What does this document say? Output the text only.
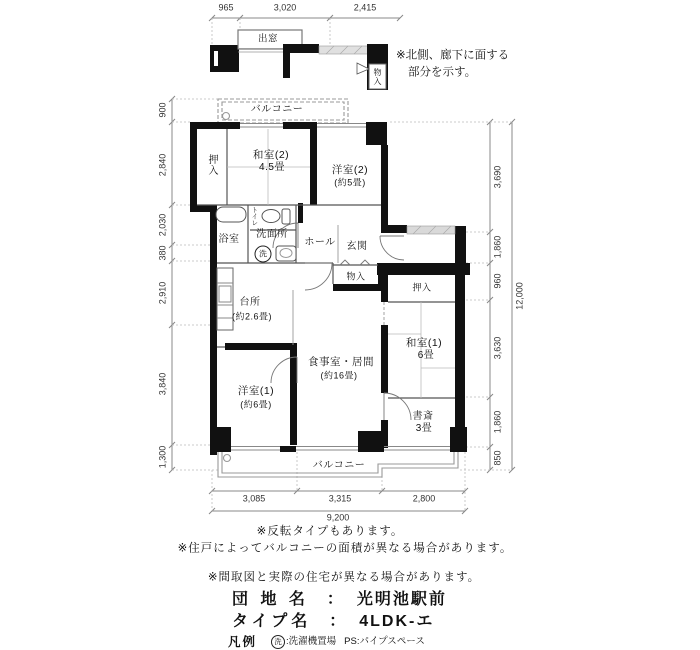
965	3,020	2,415
出窓
物入
※北側、廊下に面する
部分を示す。
バルコニー
押入	和室(2)
4.5畳	洋室(2)
(約5畳)
浴室
トイレ
洗面所
洗
ホール 玄関
物入
押入
和室(1)
6畳
書斎
3畳
台所
(約2.6畳)
食事室・居間
(約16畳)
洋室(1)
(約6畳)
バルコニー
900
2,840
2,030
380
2,910
3,840
1,300
3,690
1,860
960
3,630
1,860
850
12,000
3,085	3,315	2,800
9,200
※反転タイプもあります。
※住戸によってバルコニーの面積が異なる場合があります。
※間取図と実際の住宅が異なる場合があります。
団 地 名 ： 光明池駅前
タイプ名 ： 4LDK-エ
凡例	洗 :洗濯機置場 PS:パイプスペース
